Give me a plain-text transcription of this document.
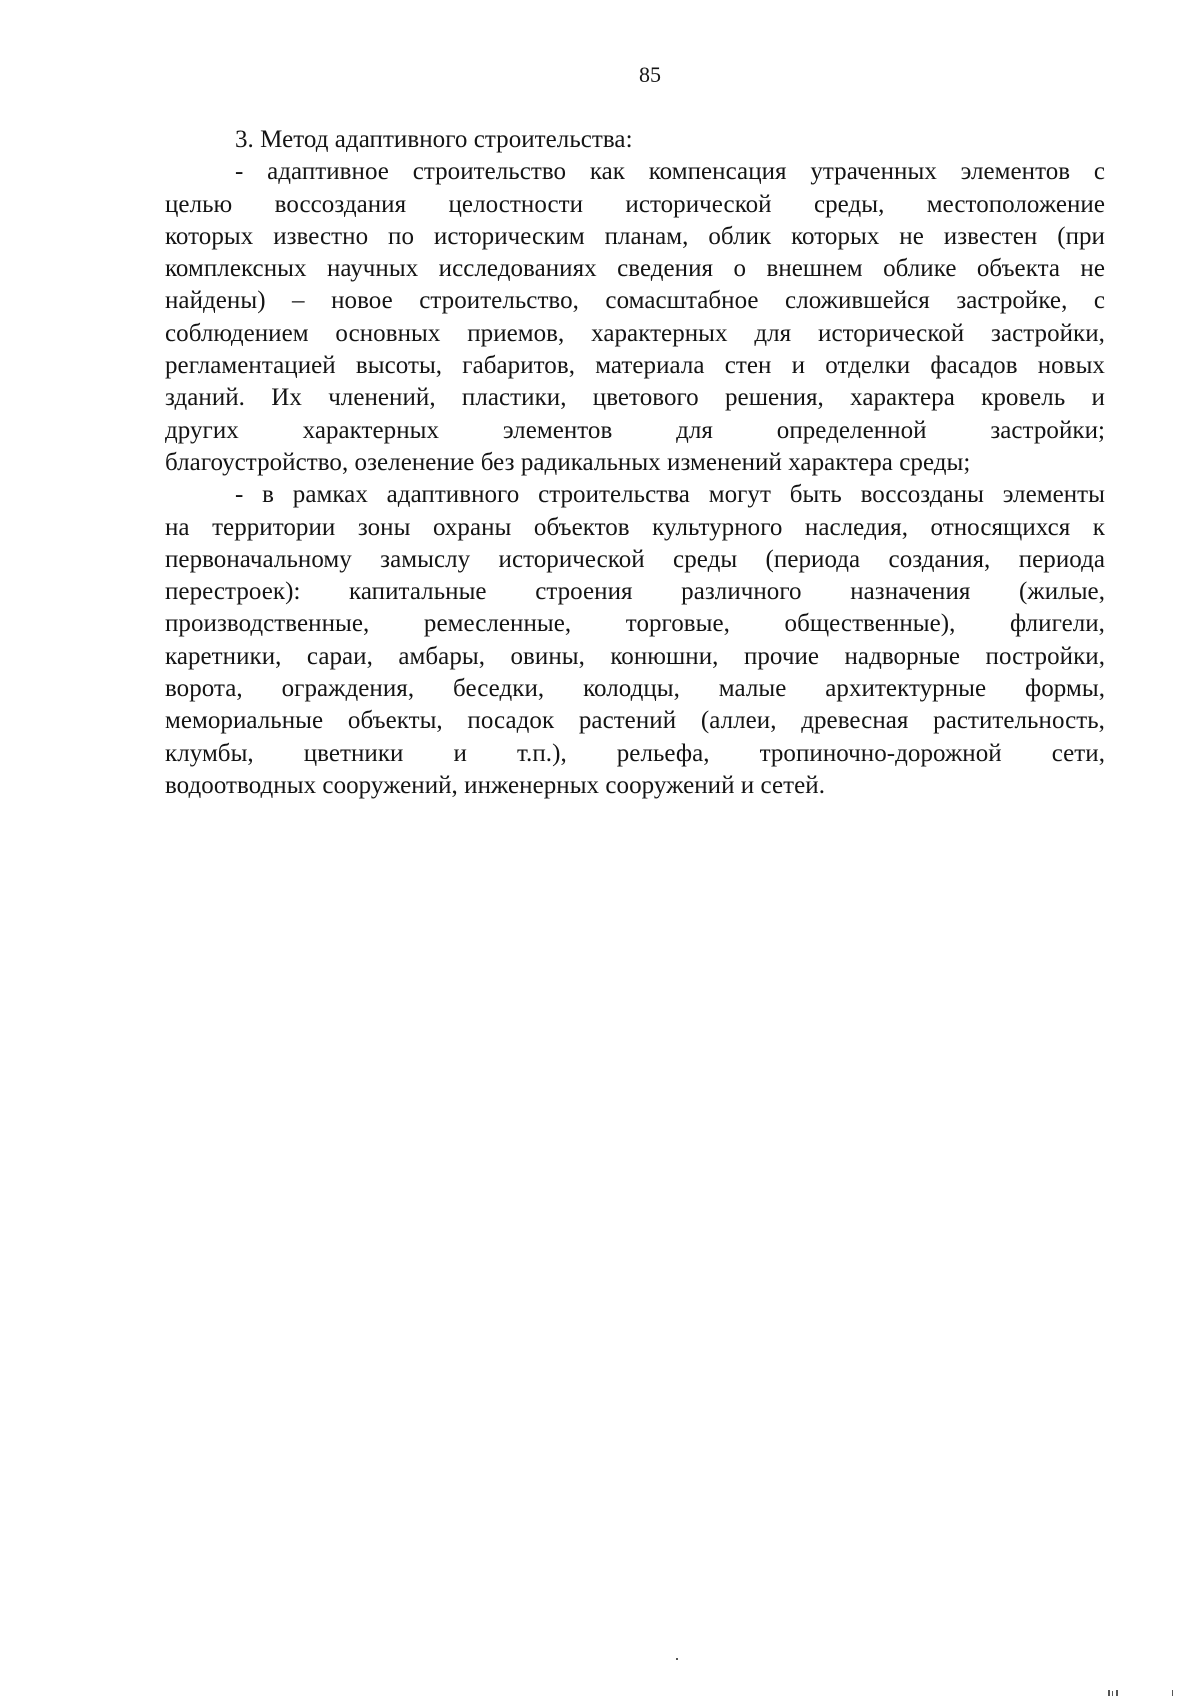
85
3. Метод адаптивного строительства:
- адаптивное строительство как компенсация утраченных элементов с
целью воссоздания целостности исторической среды, местоположение
которых известно по историческим планам, облик которых не известен (при
комплексных научных исследованиях сведения о внешнем облике объекта не
найдены) – новое строительство, сомасштабное сложившейся застройке, с
соблюдением основных приемов, характерных для исторической застройки,
регламентацией высоты, габаритов, материала стен и отделки фасадов новых
зданий. Их членений, пластики, цветового решения, характера кровель и
других характерных элементов для определенной застройки;
благоустройство, озеленение без радикальных изменений характера среды;
- в рамках адаптивного строительства могут быть воссозданы элементы
на территории зоны охраны объектов культурного наследия, относящихся к
первоначальному замыслу исторической среды (периода создания, периода
перестроек): капитальные строения различного назначения (жилые,
производственные, ремесленные, торговые, общественные), флигели,
каретники, сараи, амбары, овины, конюшни, прочие надворные постройки,
ворота, ограждения, беседки, колодцы, малые архитектурные формы,
мемориальные объекты, посадок растений (аллеи, древесная растительность,
клумбы, цветники и т.п.), рельефа, тропиночно-дорожной сети,
водоотводных сооружений, инженерных сооружений и сетей.
